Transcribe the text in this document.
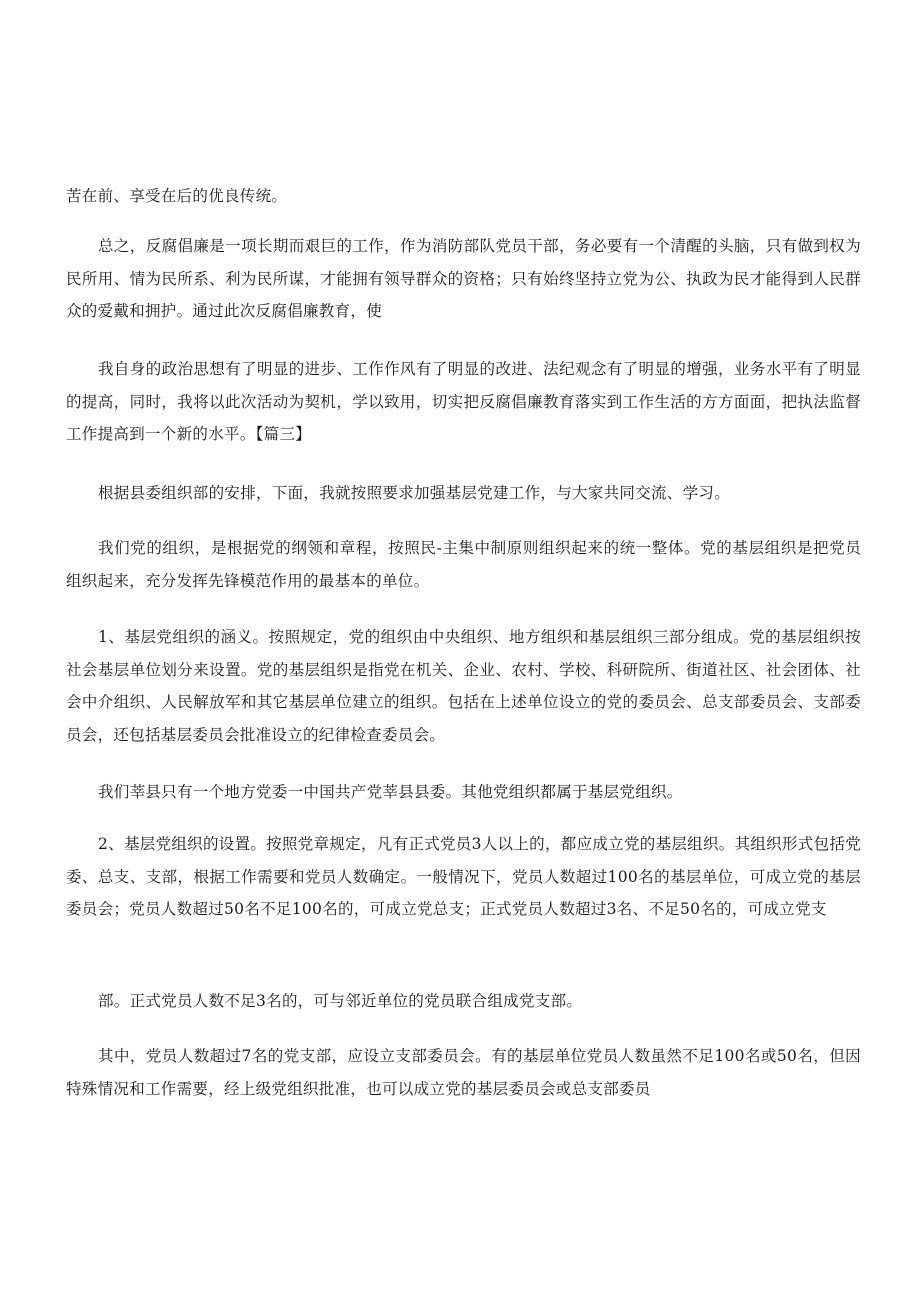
苦在前、享受在后的优良传统。

总之，反腐倡廉是一项长期而艰巨的工作，作为消防部队党员干部，务必要有一个清醒的头脑，只有做到权为民所用、情为民所系、利为民所谋，才能拥有领导群众的资格；只有始终坚持立党为公、执政为民才能得到人民群众的爱戴和拥护。通过此次反腐倡廉教育，使

我自身的政治思想有了明显的进步、工作作风有了明显的改进、法纪观念有了明显的增强，业务水平有了明显的提高，同时，我将以此次活动为契机，学以致用，切实把反腐倡廉教育落实到工作生活的方方面面，把执法监督工作提高到一个新的水平。【篇三】

根据县委组织部的安排，下面，我就按照要求加强基层党建工作，与大家共同交流、学习。

我们党的组织，是根据党的纲领和章程，按照民-主集中制原则组织起来的统一整体。党的基层组织是把党员组织起来，充分发挥先锋模范作用的最基本的单位。

1、基层党组织的涵义。按照规定，党的组织由中央组织、地方组织和基层组织三部分组成。党的基层组织按社会基层单位划分来设置。党的基层组织是指党在机关、企业、农村、学校、科研院所、街道社区、社会团体、社会中介组织、人民解放军和其它基层单位建立的组织。包括在上述单位设立的党的委员会、总支部委员会、支部委员会，还包括基层委员会批准设立的纪律检查委员会。

我们莘县只有一个地方党委一中国共产党莘县县委。其他党组织都属于基层党组织。

2、基层党组织的设置。按照党章规定，凡有正式党员3人以上的，都应成立党的基层组织。其组织形式包括党委、总支、支部，根据工作需要和党员人数确定。一般情况下，党员人数超过100名的基层单位，可成立党的基层委员会；党员人数超过50名不足100名的，可成立党总支；正式党员人数超过3名、不足50名的，可成立党支

部。正式党员人数不足3名的，可与邻近单位的党员联合组成党支部。

其中，党员人数超过7名的党支部，应设立支部委员会。有的基层单位党员人数虽然不足100名或50名，但因特殊情况和工作需要，经上级党组织批准，也可以成立党的基层委员会或总支部委员
